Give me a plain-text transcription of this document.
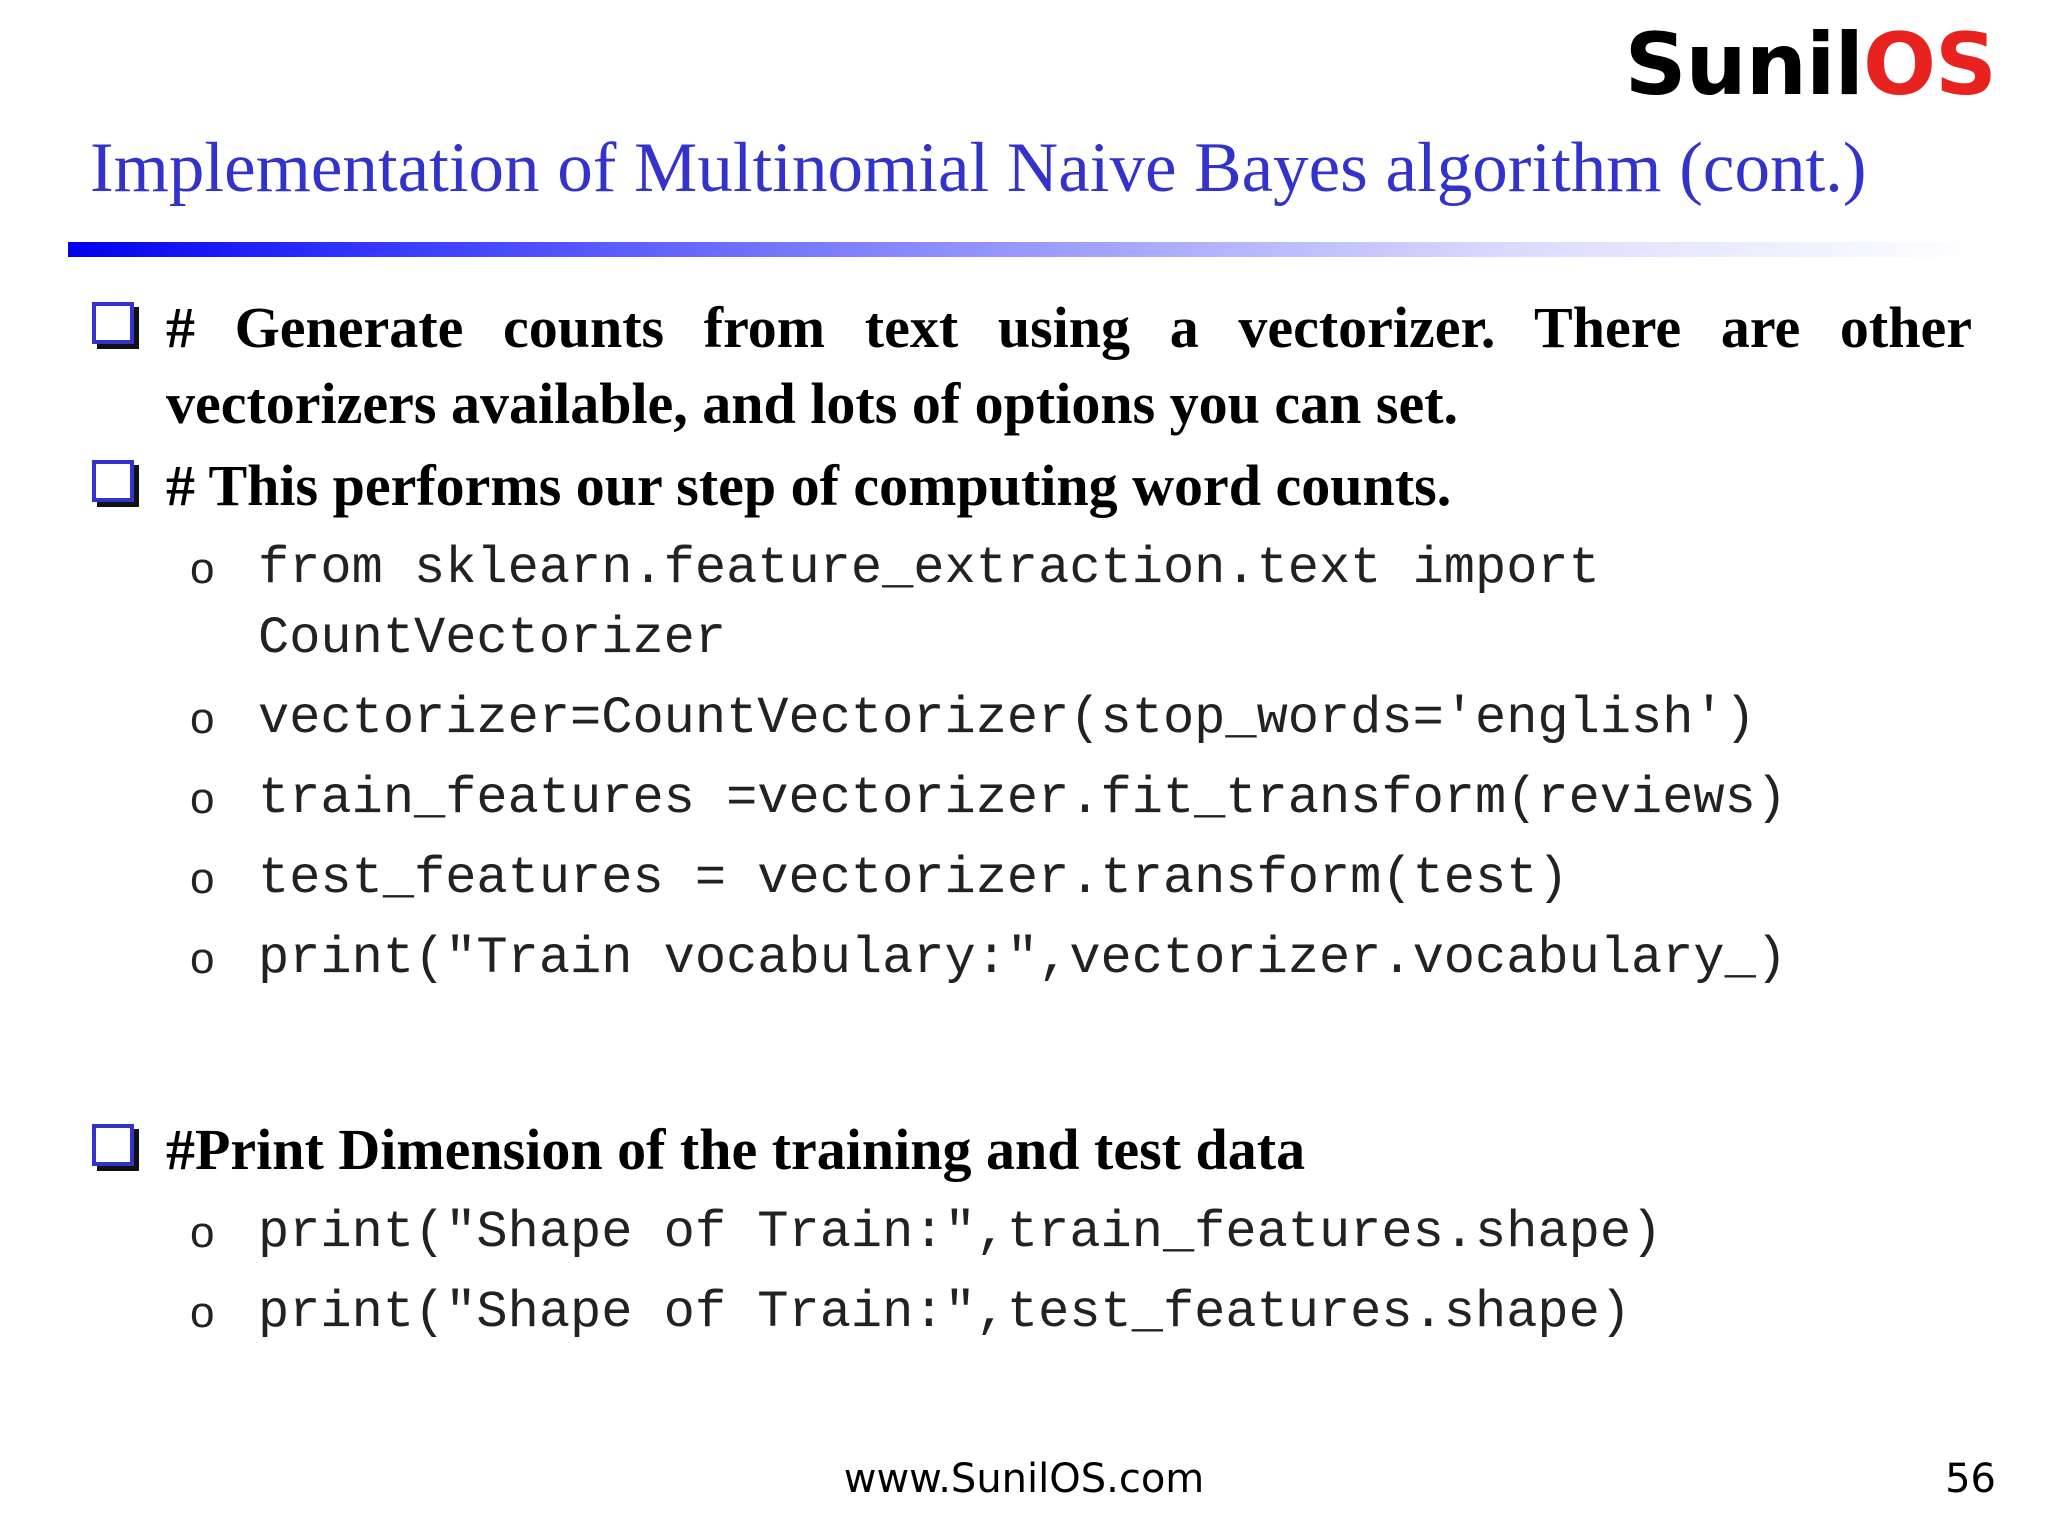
SunilOS
Implementation of Multinomial Naive Bayes algorithm (cont.)
# Generate counts from text using a vectorizer. There are other vectorizers available, and lots of options you can set.
# This performs our step of computing word counts.
o from sklearn.feature_extraction.text import CountVectorizer
o vectorizer=CountVectorizer(stop_words='english')
o train_features =vectorizer.fit_transform(reviews)
o test_features = vectorizer.transform(test)
o print("Train vocabulary:",vectorizer.vocabulary_)
#Print Dimension of the training and test data
o print("Shape of Train:",train_features.shape)
o print("Shape of Train:",test_features.shape)
www.SunilOS.com	56
